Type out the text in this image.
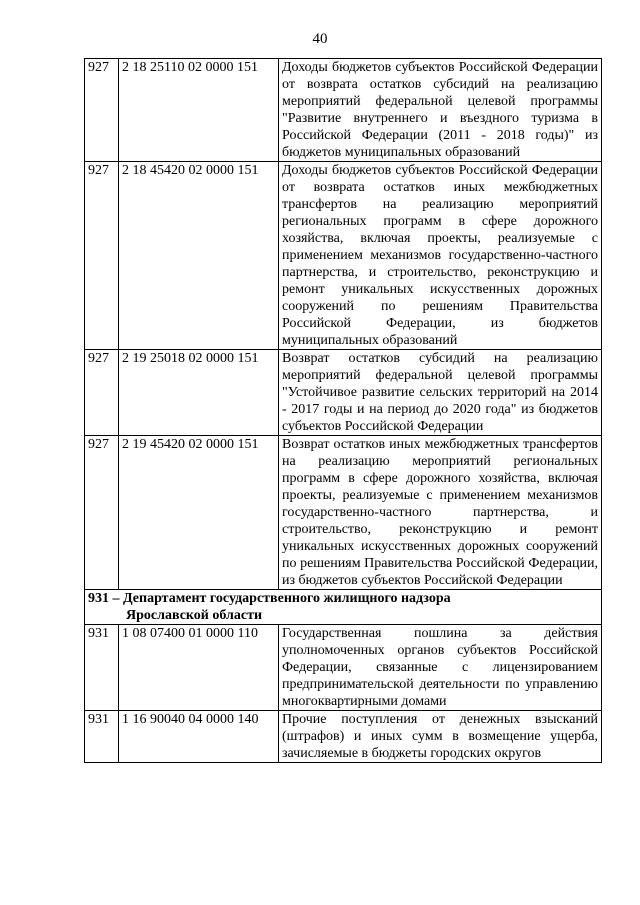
40
927	2 18 25110 02 0000 151	Доходы бюджетов субъектов Российской Федерации от возврата остатков субсидий на реализацию мероприятий федеральной целевой программы "Развитие внутреннего и въездного туризма в Российской Федерации (2011 - 2018 годы)" из бюджетов муниципальных образований
927	2 18 45420 02 0000 151	Доходы бюджетов субъектов Российской Федерации от возврата остатков иных межбюджетных трансфертов на реализацию мероприятий региональных программ в сфере дорожного хозяйства, включая проекты, реализуемые с применением механизмов государственно-частного партнерства, и строительство, реконструкцию и ремонт уникальных искусственных дорожных сооружений по решениям Правительства Российской Федерации, из бюджетов муниципальных образований
927	2 19 25018 02 0000 151	Возврат остатков субсидий на реализацию мероприятий федеральной целевой программы "Устойчивое развитие сельских территорий на 2014 - 2017 годы и на период до 2020 года" из бюджетов субъектов Российской Федерации
927	2 19 45420 02 0000 151	Возврат остатков иных межбюджетных трансфертов на реализацию мероприятий региональных программ в сфере дорожного хозяйства, включая проекты, реализуемые с применением механизмов государственно-частного партнерства, и строительство, реконструкцию и ремонт уникальных искусственных дорожных сооружений по решениям Правительства Российской Федерации, из бюджетов субъектов Российской Федерации

931 – Департамент государственного жилищного надзора
Ярославской области		

931	1 08 07400 01 0000 110	Государственная пошлина за действия уполномоченных органов субъектов Российской Федерации, связанные с лицензированием предпринимательской деятельности по управлению многоквартирными домами
931	1 16 90040 04 0000 140	Прочие поступления от денежных взысканий (штрафов) и иных сумм в возмещение ущерба, зачисляемые в бюджеты городских округов
